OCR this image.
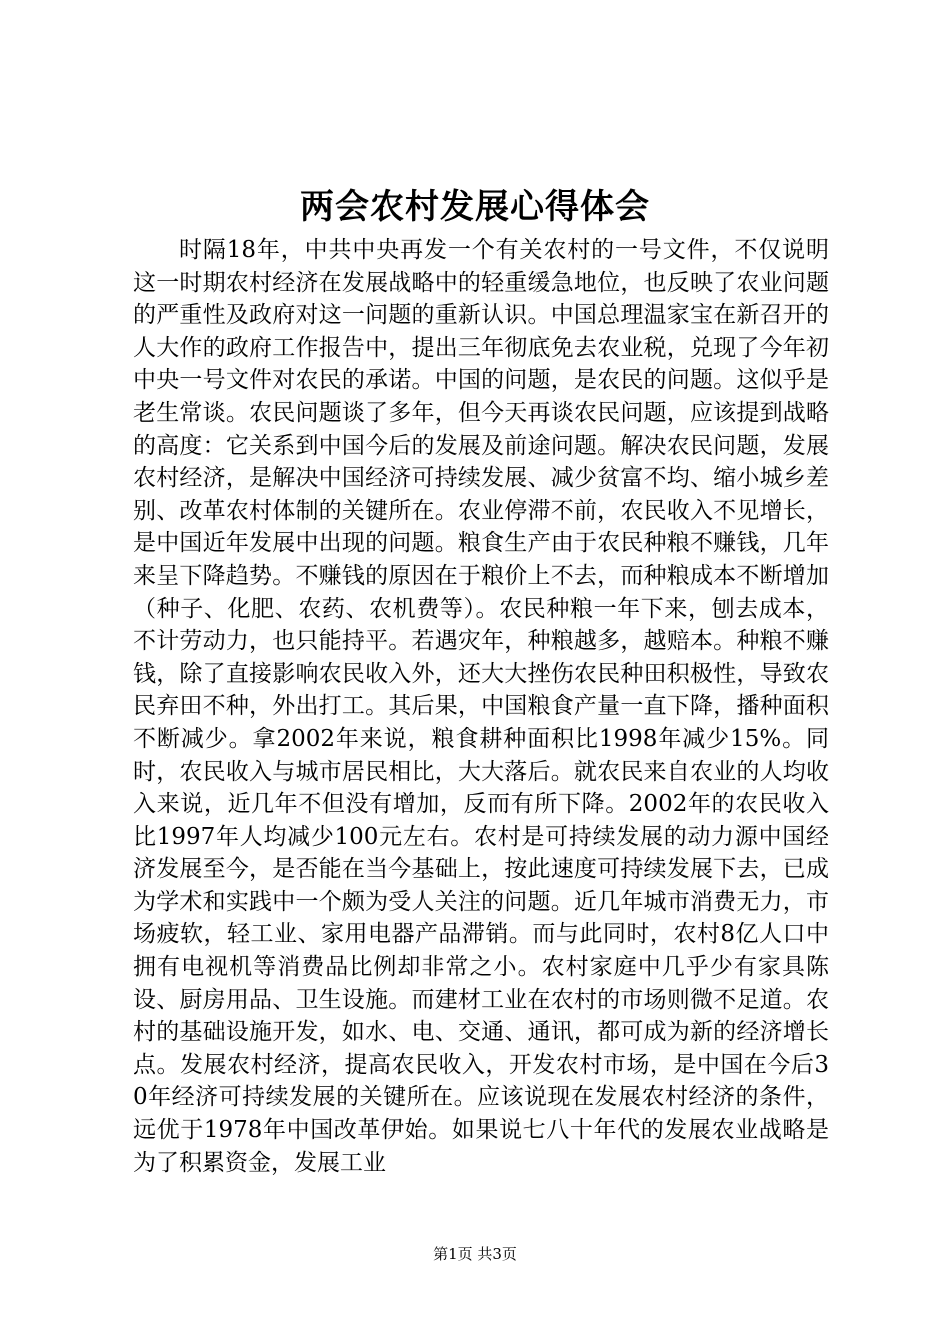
两会农村发展心得体会

时隔18年，中共中央再发一个有关农村的一号文件，不仅说明这一时期农村经济在发展战略中的轻重缓急地位，也反映了农业问题的严重性及政府对这一问题的重新认识。中国总理温家宝在新召开的人大作的政府工作报告中，提出三年彻底免去农业税，兑现了今年初中央一号文件对农民的承诺。中国的问题，是农民的问题。这似乎是老生常谈。农民问题谈了多年，但今天再谈农民问题，应该提到战略的高度：它关系到中国今后的发展及前途问题。解决农民问题，发展农村经济，是解决中国经济可持续发展、减少贫富不均、缩小城乡差别、改革农村体制的关键所在。农业停滞不前，农民收入不见增长，是中国近年发展中出现的问题。粮食生产由于农民种粮不赚钱，几年来呈下降趋势。不赚钱的原因在于粮价上不去，而种粮成本不断增加（种子、化肥、农药、农机费等）。农民种粮一年下来，刨去成本，不计劳动力，也只能持平。若遇灾年，种粮越多，越赔本。种粮不赚钱，除了直接影响农民收入外，还大大挫伤农民种田积极性，导致农民弃田不种，外出打工。其后果，中国粮食产量一直下降，播种面积不断减少。拿2002年来说，粮食耕种面积比1998年减少15%。同时，农民收入与城市居民相比，大大落后。就农民来自农业的人均收入来说，近几年不但没有增加，反而有所下降。2002年的农民收入比1997年人均减少100元左右。农村是可持续发展的动力源中国经济发展至今，是否能在当今基础上，按此速度可持续发展下去，已成为学术和实践中一个颇为受人关注的问题。近几年城市消费无力，市场疲软，轻工业、家用电器产品滞销。而与此同时，农村8亿人口中拥有电视机等消费品比例却非常之小。农村家庭中几乎少有家具陈设、厨房用品、卫生设施。而建材工业在农村的市场则微不足道。农村的基础设施开发，如水、电、交通、通讯，都可成为新的经济增长点。发展农村经济，提高农民收入，开发农村市场，是中国在今后30年经济可持续发展的关键所在。应该说现在发展农村经济的条件，远优于1978年中国改革伊始。如果说七八十年代的发展农业战略是为了积累资金，发展工业

第1页 共3页
